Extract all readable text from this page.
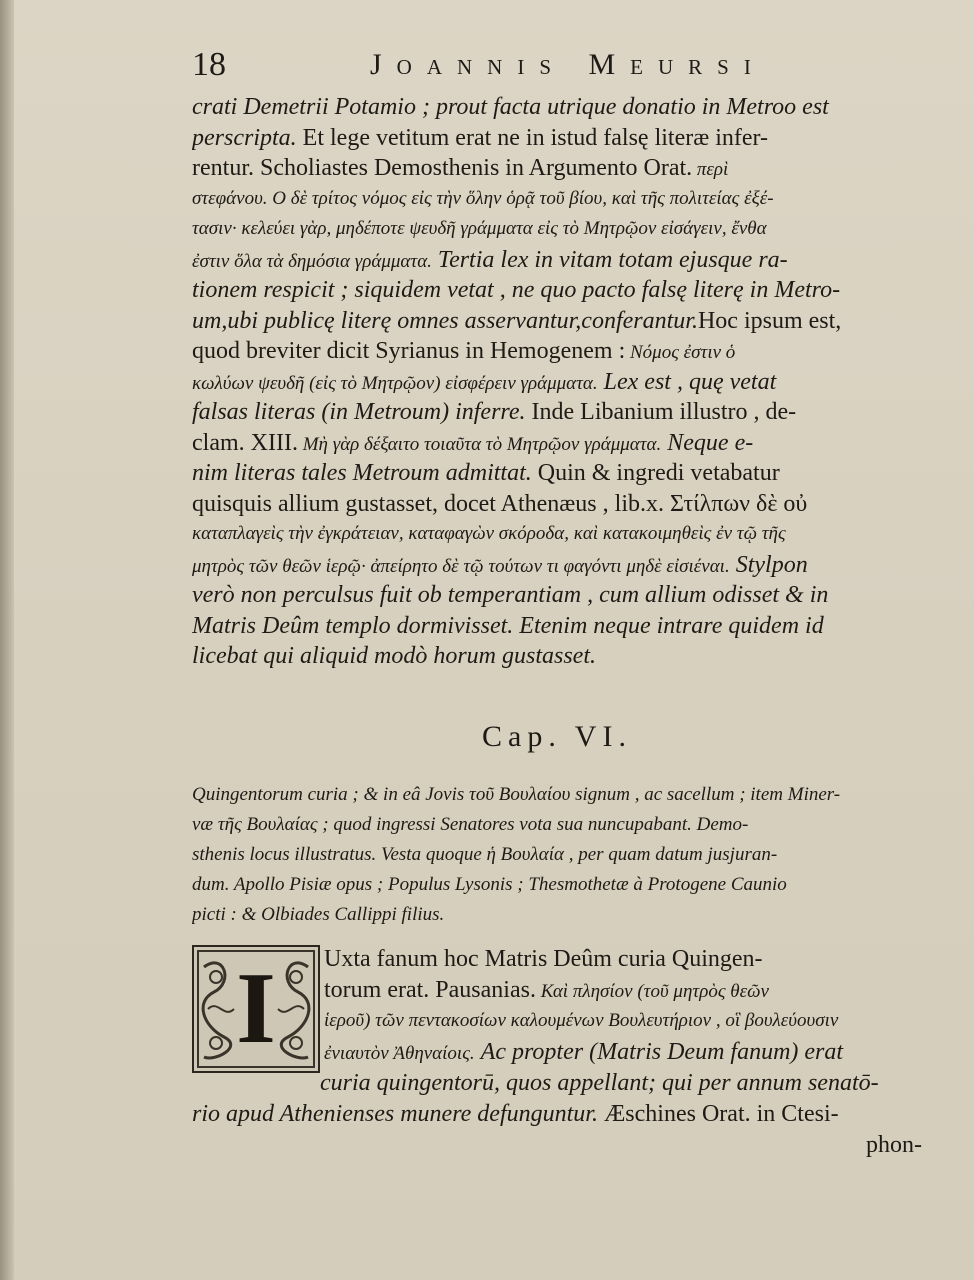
18	Joannis Meursi
crati Demetrii Potamio ; prout facta utrique donatio in Metroo est
perscripta. Et lege vetitum erat ne in istud falsę literæ infer-
rentur. Scholiastes Demosthenis in Argumento Orat. περὶ
στεφάνου. Ο δὲ τρίτος νόμος εἰς τὴν ὅλην ὁρᾷ τοῦ βίου, καὶ τῆς πολιτείας ἐξέ-
τασιν· κελεύει γὰρ, μηδέποτε ψευδῆ γράμματα εἰς τὸ Μητρῷον εἰσάγειν, ἔνθα
ἐστιν ὅλα τὰ δημόσια γράμματα. Tertia lex in vitam totam ejusque ra-
tionem respicit ; siquidem vetat , ne quo pacto falsę literę in Metro-
um,ubi publicę literę omnes asservantur,conferantur.Hoc ipsum est,
quod breviter dicit Syrianus in Hemogenem : Νόμος ἐστιν ὁ
κωλύων ψευδῆ (εἰς τὸ Μητρῷον) εἰσφέρειν γράμματα. Lex est , quę vetat
falsas literas (in Metroum) inferre. Inde Libanium illustro , de-
clam. XIII. Μὴ γὰρ δέξαιτο τοιαῦτα τὸ Μητρῷον γράμματα. Neque e-
nim literas tales Metroum admittat. Quin & ingredi vetabatur
quisquis allium gustasset, docet Athenæus , lib.x. Στίλπων δὲ οὐ
καταπλαγεὶς τὴν ἐγκράτειαν, καταφαγὼν σκόροδα, καὶ κατακοιμηθεὶς ἐν τῷ τῆς
μητρὸς τῶν θεῶν ἱερῷ· ἀπείρητο δὲ τῷ τούτων τι φαγόντι μηδὲ εἰσιέναι. Stylpon
verò non perculsus fuit ob temperantiam , cum allium odisset & in
Matris Deûm templo dormivisset. Etenim neque intrare quidem id
licebat qui aliquid modò horum gustasset.
Cap. VI.
Quingentorum curia ; & in eâ Jovis τοῦ Βουλαίου signum , ac sacellum ; item Miner-
væ τῆς Βουλαίας ; quod ingressi Senatores vota sua nuncupabant. Demo-
sthenis locus illustratus. Vesta quoque ἡ Βουλαία , per quam datum jusjuran-
dum. Apollo Pisiæ opus ; Populus Lysonis ; Thesmothetæ à Protogene Caunio
picti : & Olbiades Callippi filius.
I	Uxta fanum hoc Matris Deûm curia Quingen-
torum erat. Pausanias. Καὶ πλησίον (τοῦ μητρὸς θεῶν
ἱεροῦ) τῶν πεντακοσίων καλουμένων Βουλευτήριον , οἳ βουλεύουσιν
ἐνιαυτὸν Ἀθηναίοις. Ac propter (Matris Deum fanum) erat
curia quingentorū, quos appellant; qui per annum senatō-
rio apud Athenienses munere defunguntur. Æschines Orat. in Ctesi-
phon-
